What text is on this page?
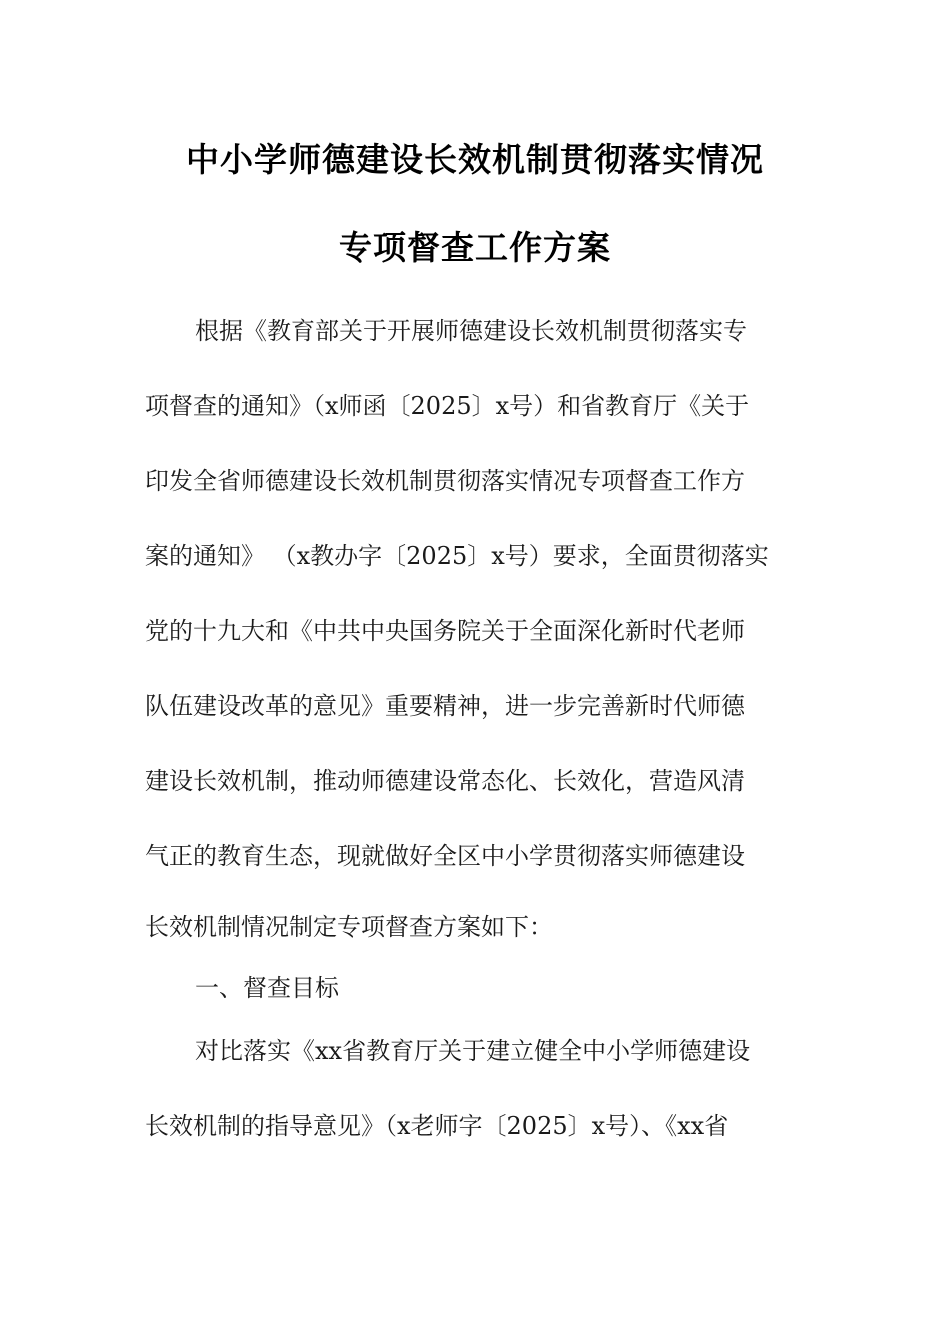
中小学师德建设长效机制贯彻落实情况
专项督查工作方案
根据《教育部关于开展师德建设长效机制贯彻落实专
项督查的通知》（x师函〔2025〕x号）和省教育厅《关于
印发全省师德建设长效机制贯彻落实情况专项督查工作方
案的通知》 （x教办字〔2025〕x号）要求，全面贯彻落实
党的十九大和《中共中央国务院关于全面深化新时代老师
队伍建设改革的意见》重要精神，进一步完善新时代师德
建设长效机制，推动师德建设常态化、长效化，营造风清
气正的教育生态，现就做好全区中小学贯彻落实师德建设
长效机制情况制定专项督查方案如下：
一、督查目标
对比落实《xx省教育厅关于建立健全中小学师德建设
长效机制的指导意见》（x老师字〔2025〕x号）、《xx省
